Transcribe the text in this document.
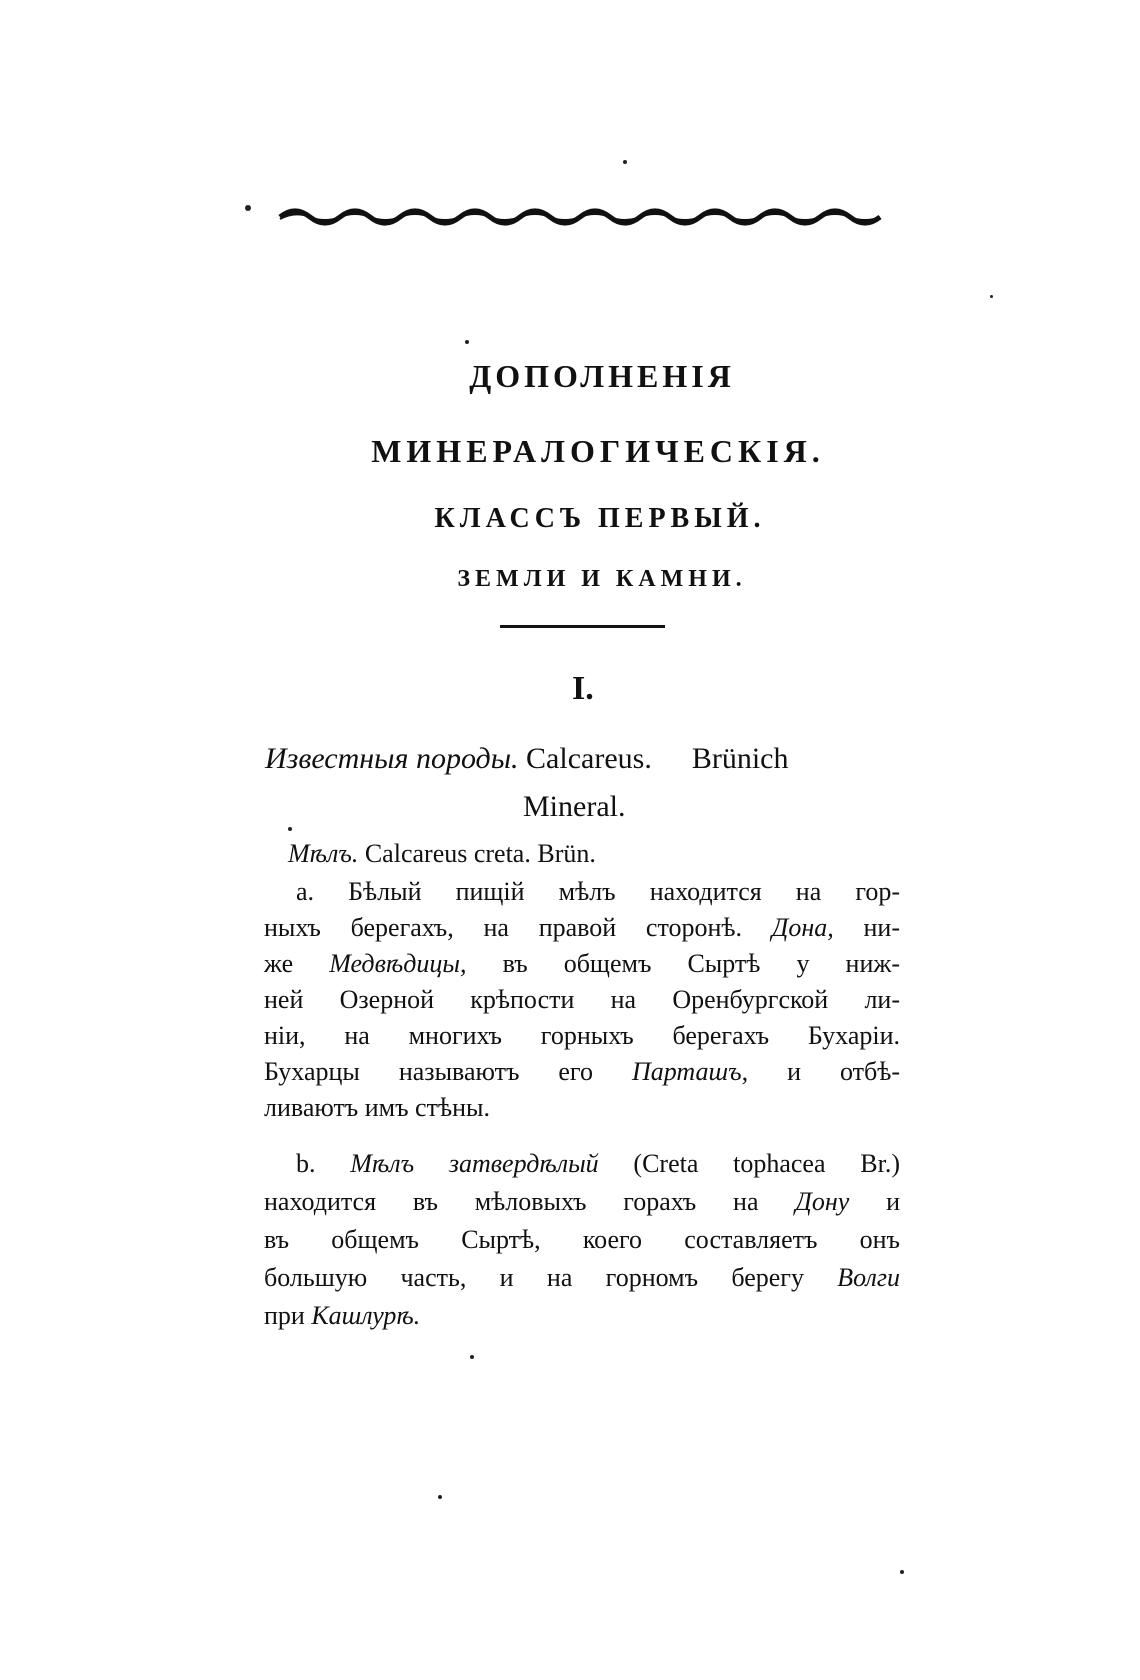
ДОПОЛНЕНІЯ
МИНЕРАЛОГИЧЕСКІЯ.
КЛАССЪ ПЕРВЫЙ.
ЗЕМЛИ И КАМНИ.
I.
Известныя породы. Calcareus. Brünich
Mineral.
Мѣлъ. Calcareus creta. Brün.
a. Бѣлый пищій мѣлъ находится на гор-
ныхъ берегахъ, на правой сторонѣ. Дона, ни-
же Медвѣдицы, въ общемъ Сыртѣ у ниж-
ней Озерной крѣпости на Оренбургской ли-
ніи, на многихъ горныхъ берегахъ Бухаріи.
Бухарцы называютъ его Парташъ, и отбѣ-
ливаютъ имъ стѣны.
b. Мѣлъ затвердѣлый (Creta tophacea Br.)
находится въ мѣловыхъ горахъ на Дону и
въ общемъ Сыртѣ, коего составляетъ онъ
большую часть, и на горномъ берегу Волги
при Кашлурѣ.
